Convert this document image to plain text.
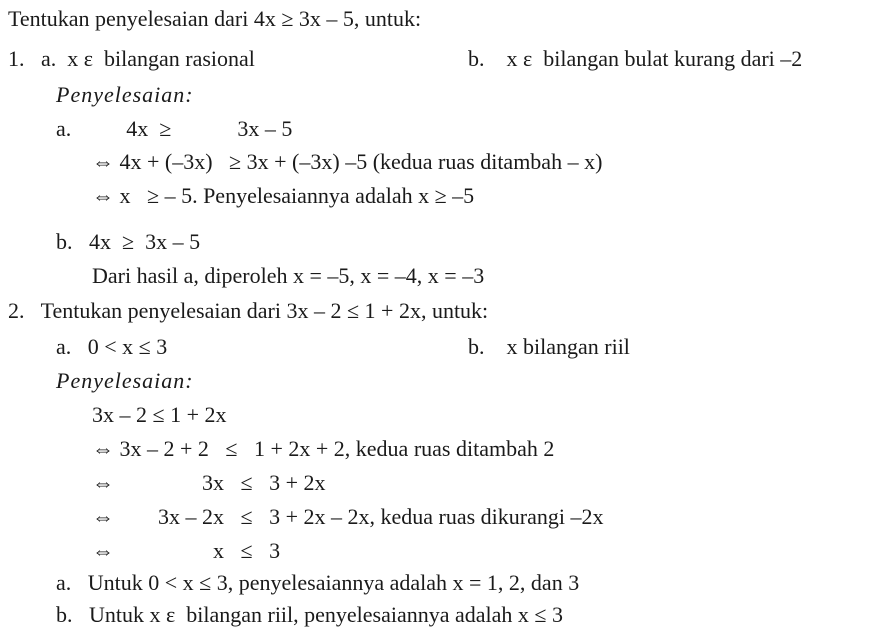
Tentukan penyelesaian dari 4x ≥ 3x – 5, untuk:
1.   a.  x ε  bilangan rasional	b.    x ε  bilangan bulat kurang dari –2
Penyelesaian:
a.          4x  ≥            3x – 5
⇔ 4x + (–3x)   ≥ 3x + (–3x) –5 (kedua ruas ditambah – x)
⇔ x   ≥ – 5. Penyelesaiannya adalah x ≥ –5
b.   4x  ≥  3x – 5
Dari hasil a, diperoleh x = –5, x = –4, x = –3
2.   Tentukan penyelesaian dari 3x – 2 ≤ 1 + 2x, untuk:
a.   0 < x ≤ 3	b.    x bilangan riil
Penyelesaian:
3x – 2 ≤ 1 + 2x
⇔ 3x – 2 + 2   ≤   1 + 2x + 2, kedua ruas ditambah 2
⇔                3x   ≤   3 + 2x
⇔        3x – 2x   ≤   3 + 2x – 2x, kedua ruas dikurangi –2x
⇔                  x   ≤   3
a.   Untuk 0 < x ≤ 3, penyelesaiannya adalah x = 1, 2, dan 3
b.   Untuk x ε  bilangan riil, penyelesaiannya adalah x ≤ 3
